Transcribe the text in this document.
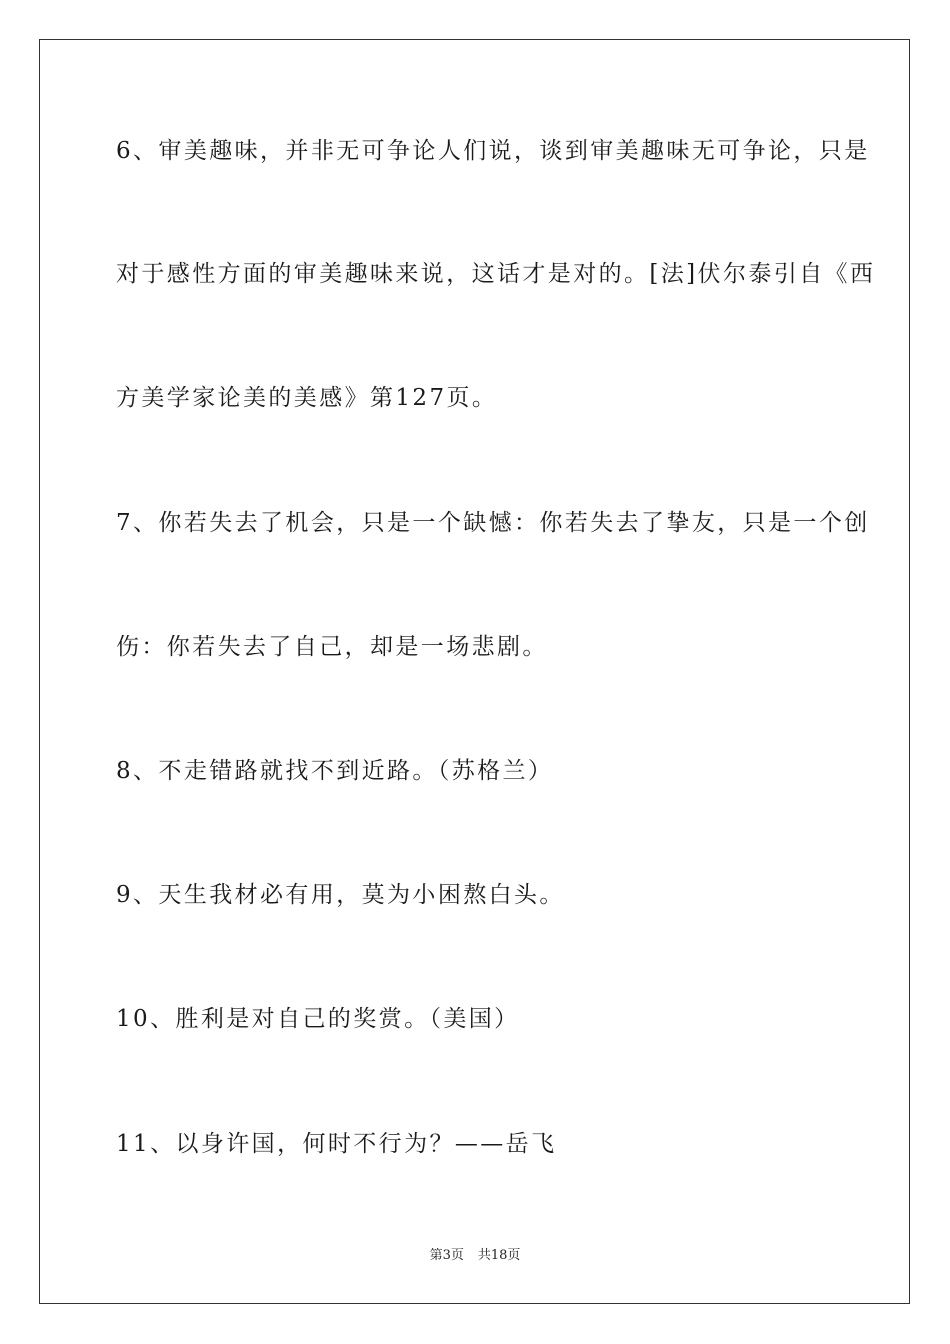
6、审美趣味，并非无可争论人们说，谈到审美趣味无可争论，只是
对于感性方面的审美趣味来说，这话才是对的。[法]伏尔泰引自《西
方美学家论美的美感》第127页。
7、你若失去了机会，只是一个缺憾：你若失去了挚友，只是一个创
伤：你若失去了自己，却是一场悲剧。
8、不走错路就找不到近路。（苏格兰）
9、天生我材必有用，莫为小困熬白头。
10、胜利是对自己的奖赏。（美国）
11、以身许国，何时不行为？——岳飞
第3页 共18页
